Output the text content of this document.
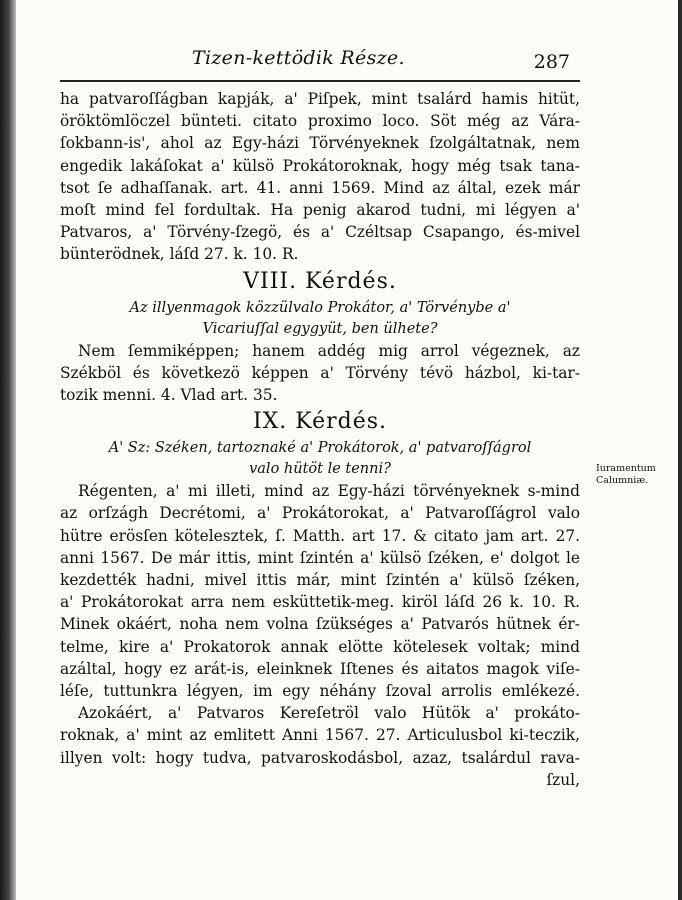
Tizen-kettödik Része.	287
ha patvaroſſágban kapják, a' Piſpek, mint tsalárd hamis hitüt,
öröktömlöczel bünteti. citato proximo loco. Söt még az Vára-
ſokbann-is', ahol az Egy-házi Törvényeknek ſzolgáltatnak, nem
engedik lakáſokat a' külsö Prokátoroknak, hogy még tsak tana-
tsot ſe adhaſſanak. art. 41. anni 1569. Mind az által, ezek már
moſt mind fel fordultak. Ha penig akarod tudni, mi légyen a'
Patvaros, a' Törvény-ſzegö, és a' Czéltsap Csapango, és-mivel
bünterödnek, láſd 27. k. 10. R.
VIII. Kérdés.
Az illyenmagok közzülvalo Prokátor, a' Törvénybe a'
Vicariuſſal egygyüt, ben ülhete?
Nem ſemmiképpen; hanem addég mig arrol végeznek, az
Székböl és következö képpen a' Törvény tévö házbol, ki-tar-
tozik menni. 4. Vlad art. 35.
IX. Kérdés.
A' Sz: Széken, tartoznaké a' Prokátorok, a' patvaroſſágrol
valo hütöt le tenni?
Régenten, a' mi illeti, mind az Egy-házi törvényeknek s-mind
az orſzágh Decrétomi, a' Prokátorokat, a' Patvaroſſágrol valo
hütre erösſen kötelesztek, ſ. Matth. art 17. & citato jam art. 27.
anni 1567. De már ittis, mint ſzintén a' külsö ſzéken, e' dolgot le
kezdették hadni, mivel ittis már, mint ſzintén a' külsö ſzéken,
a' Prokátorokat arra nem esküttetik-meg. kiröl láſd 26 k. 10. R.
Minek okáért, noha nem volna ſzükséges a' Patvarós hütnek ér-
telme, kire a' Prokatorok annak elötte kötelesek voltak; mind
azáltal, hogy ez arát-is, eleinknek Iſtenes és aitatos magok viſe-
léſe, tuttunkra légyen, im egy néhány ſzoval arrolis emlékezé.
Azokáért, a' Patvaros Kereſetröl valo Hütök a' prokáto-
roknak, a' mint az emlitett Anni 1567. 27. Articulusbol ki-teczik,
illyen volt: hogy tudva, patvaroskodásbol, azaz, tsalárdul rava-
ſzul,
Iuramentum
Calumniæ.
